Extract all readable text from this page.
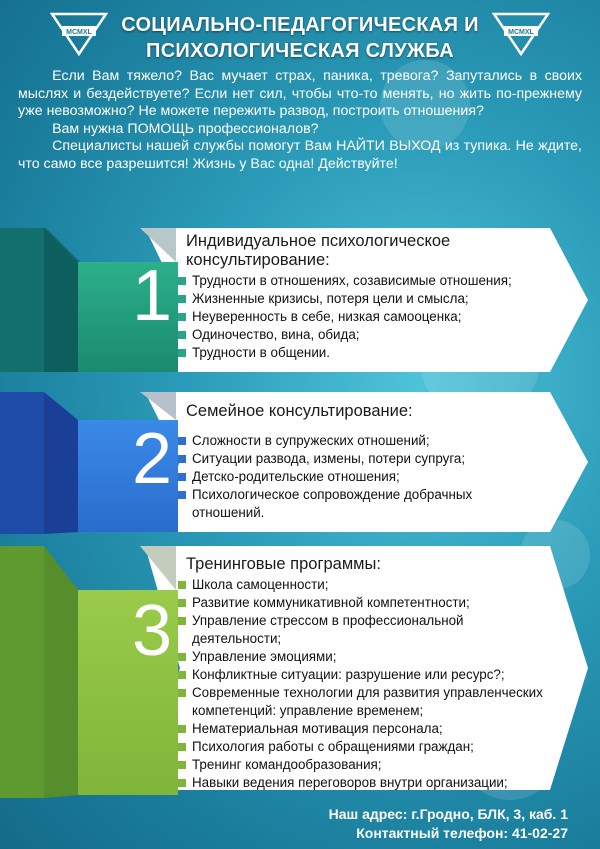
MCMXL	MCMXL
СОЦИАЛЬНО-ПЕДАГОГИЧЕСКАЯ И
ПСИХОЛОГИЧЕСКАЯ СЛУЖБА

Если Вам тяжело? Вас мучает страх, паника, тревога? Запутались в своих мыслях и бездействуете? Если нет сил, чтобы что-то менять, но жить по-прежнему уже невозможно? Не можете пережить развод, построить отношения?

Вам нужна ПОМОЩЬ профессионалов?

Специалисты нашей службы помогут Вам НАЙТИ ВЫХОД из тупика. Не ждите, что само все разрешится! Жизнь у Вас одна! Действуйте!

1
Индивидуальное психологическое
консультирование:
Трудности в отношениях, созависимые отношения;
Жизненные кризисы, потеря цели и смысла;
Неуверенность в себе, низкая самооценка;
Одиночество, вина, обида;
Трудности в общении.
2
Семейное консультирование:
Сложности в супружеских отношений;
Ситуации развода, измены, потери супруга;
Детско-родительские отношения;
Психологическое сопровождение добрачных отношений.
3
Тренинговые программы:
Школа самоценности;
Развитие коммуникативной компетентности;
Управление стрессом в профессиональной деятельности;
Управление эмоциями;
Конфликтные ситуации: разрушение или ресурс?;
Современные технологии для развития управленческих компетенций: управление временем;
Нематериальная мотивация персонала;
Психология работы с обращениями граждан;
Тренинг командообразования;
Навыки ведения переговоров внутри организации;
Наш адрес: г.Гродно, БЛК, 3, каб. 1
Контактный телефон: 41-02-27
